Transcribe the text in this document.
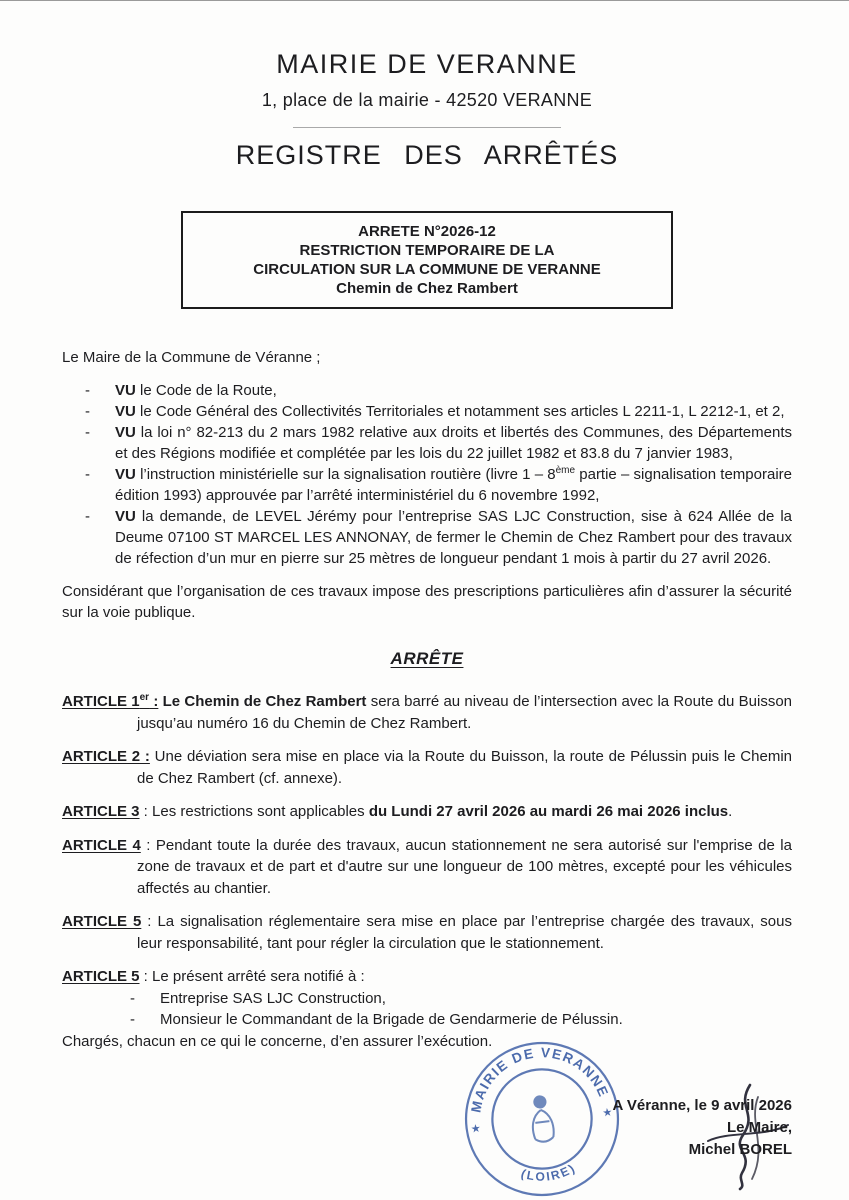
MAIRIE DE VERANNE
1, place de la mairie - 42520 VERANNE
REGISTRE DES ARRÊTÉS
ARRETE N°2026-12
RESTRICTION TEMPORAIRE DE LA
CIRCULATION SUR LA COMMUNE DE VERANNE
Chemin de Chez Rambert

Le Maire de la Commune de Véranne ;

- VU le Code de la Route,
- VU le Code Général des Collectivités Territoriales et notamment ses articles L 2211-1, L 2212-1, et 2,
- VU la loi n° 82-213 du 2 mars 1982 relative aux droits et libertés des Communes, des Départements et des Régions modifiée et complétée par les lois du 22 juillet 1982 et 83.8 du 7 janvier 1983,
- VU l’instruction ministérielle sur la signalisation routière (livre 1 – 8ème partie – signalisation temporaire édition 1993) approuvée par l’arrêté interministériel du 6 novembre 1992,
- VU la demande, de LEVEL Jérémy pour l’entreprise SAS LJC Construction, sise à 624 Allée de la Deume 07100 ST MARCEL LES ANNONAY, de fermer le Chemin de Chez Rambert pour des travaux de réfection d’un mur en pierre sur 25 mètres de longueur pendant 1 mois à partir du 27 avril 2026.

Considérant que l’organisation de ces travaux impose des prescriptions particulières afin d’assurer la sécurité sur la voie publique.

ARRÊTE
ARTICLE 1er : Le Chemin de Chez Rambert sera barré au niveau de l’intersection avec la Route du Buisson jusqu’au numéro 16 du Chemin de Chez Rambert.
ARTICLE 2 : Une déviation sera mise en place via la Route du Buisson, la route de Pélussin puis le Chemin de Chez Rambert (cf. annexe).
ARTICLE 3 : Les restrictions sont applicables du Lundi 27 avril 2026 au mardi 26 mai 2026 inclus.
ARTICLE 4 : Pendant toute la durée des travaux, aucun stationnement ne sera autorisé sur l'emprise de la zone de travaux et de part et d'autre sur une longueur de 100 mètres, excepté pour les véhicules affectés au chantier.
ARTICLE 5 : La signalisation réglementaire sera mise en place par l’entreprise chargée des travaux, sous leur responsabilité, tant pour régler la circulation que le stationnement.
ARTICLE 5 : Le présent arrêté sera notifié à :
- Entreprise SAS LJC Construction,
- Monsieur le Commandant de la Brigade de Gendarmerie de Pélussin.

Chargés, chacun en ce qui le concerne, d’en assurer l’exécution.

MAIRIE DE VERANNE
(LOIRE)
★
★ A Véranne, le 9 avril 2026
Le Maire,
Michel BOREL
